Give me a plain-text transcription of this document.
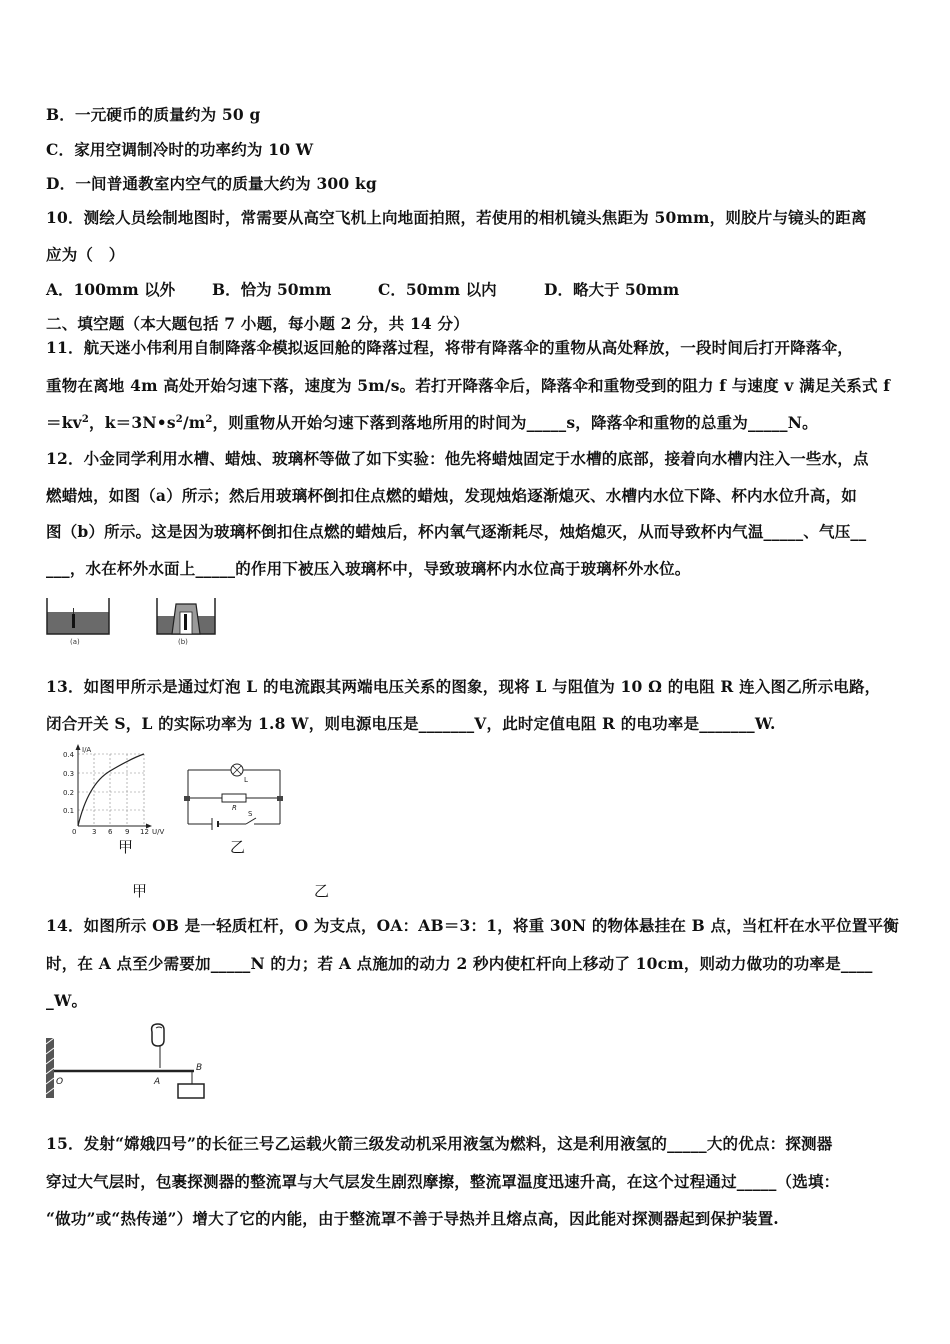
B．一元硬币的质量约为 50 g
C．家用空调制冷时的功率约为 10 W
D．一间普通教室内空气的质量大约为 300 kg
10．测绘人员绘制地图时，常需要从高空飞机上向地面拍照，若使用的相机镜头焦距为 50mm，则胶片与镜头的距离
应为（　）
A．100mm 以外 B．恰为 50mm	C．50mm 以内	D．略大于 50mm
二、填空题（本大题包括 7 小题，每小题 2 分，共 14 分）
11．航天迷小伟利用自制降落伞模拟返回舱的降落过程，将带有降落伞的重物从高处释放，一段时间后打开降落伞，
重物在离地 4m 高处开始匀速下落，速度为 5m/s。若打开降落伞后，降落伞和重物受到的阻力 f 与速度 v 满足关系式 f
$=kv^2$，$k=3N•s^2/m^2$，则重物从开始匀速下落到落地所用的时间为_____s，降落伞和重物的总重为_____N。
12．小金同学利用水槽、蜡烛、玻璃杯等做了如下实验：他先将蜡烛固定于水槽的底部，接着向水槽内注入一些水，点
燃蜡烛，如图（a）所示；然后用玻璃杯倒扣住点燃的蜡烛，发现烛焰逐渐熄灭、水槽内水位下降、杯内水位升高，如
图（b）所示。这是因为玻璃杯倒扣住点燃的蜡烛后，杯内氧气逐渐耗尽，烛焰熄灭，从而导致杯内气温_____、气压__
___，水在杯外水面上_____的作用下被压入玻璃杯中，导致玻璃杯内水位高于玻璃杯外水位。
(a)	(b)
13．如图甲所示是通过灯泡 L 的电流跟其两端电压关系的图象，现将 L 与阻值为 10 Ω 的电阻 R 连入图乙所示电路，
闭合开关 S，L 的实际功率为 1.8 W，则电源电压是_______V，此时定值电阻 R 的电功率是_______W.
I/A
0.4
0.3
0.2
0.1
0 3 6 9 12 U/V
甲
L
R
S
乙
甲	乙
14．如图所示 OB 是一轻质杠杆，O 为支点，OA：AB＝3：1，将重 30N 的物体悬挂在 B 点，当杠杆在水平位置平衡
时，在 A 点至少需要加_____N 的力；若 A 点施加的动力 2 秒内使杠杆向上移动了 10cm，则动力做功的功率是____
_W。
O	A
B
15．发射“嫦娥四号”的长征三号乙运载火箭三级发动机采用液氢为燃料，这是利用液氢的_____大的优点：探测器
穿过大气层时，包裹探测器的整流罩与大气层发生剧烈摩擦，整流罩温度迅速升高，在这个过程通过_____（选填：
“做功”或“热传递”）增大了它的内能，由于整流罩不善于导热并且熔点高，因此能对探测器起到保护装置.
